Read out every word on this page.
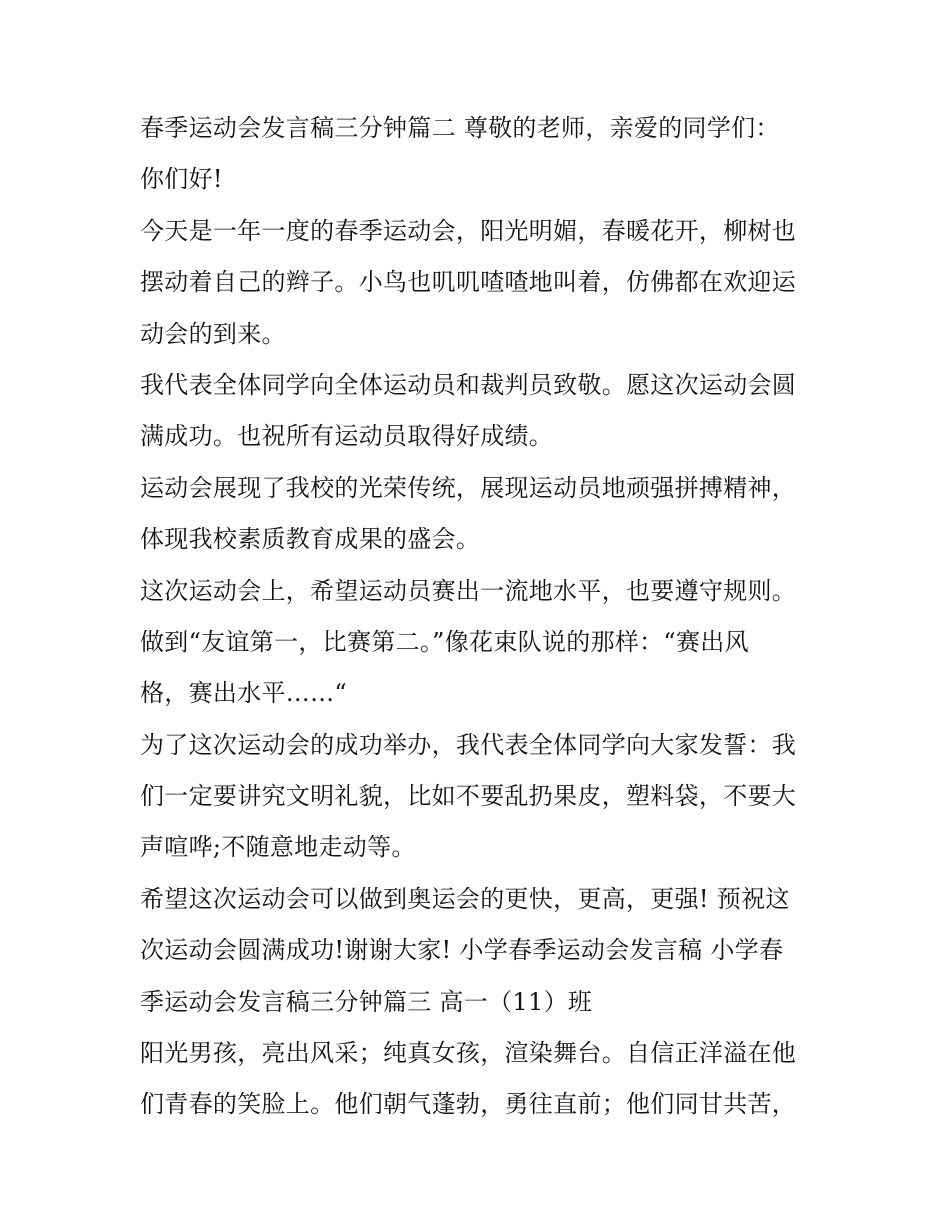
春季运动会发言稿三分钟篇二 尊敬的老师，亲爱的同学们：
你们好!
今天是一年一度的春季运动会，阳光明媚，春暖花开，柳树也
摆动着自己的辫子。小鸟也叽叽喳喳地叫着，仿佛都在欢迎运
动会的到来。
我代表全体同学向全体运动员和裁判员致敬。愿这次运动会圆
满成功。也祝所有运动员取得好成绩。
运动会展现了我校的光荣传统，展现运动员地顽强拼搏精神，
体现我校素质教育成果的盛会。
这次运动会上，希望运动员赛出一流地水平，也要遵守规则。
做到“友谊第一，比赛第二。”像花束队说的那样：“赛出风
格，赛出水平……“
为了这次运动会的成功举办，我代表全体同学向大家发誓：我
们一定要讲究文明礼貌，比如不要乱扔果皮，塑料袋，不要大
声喧哗;不随意地走动等。
希望这次运动会可以做到奥运会的更快，更高，更强! 预祝这
次运动会圆满成功!谢谢大家! 小学春季运动会发言稿 小学春
季运动会发言稿三分钟篇三 高一（11）班
阳光男孩，亮出风采；纯真女孩，渲染舞台。自信正洋溢在他
们青春的笑脸上。他们朝气蓬勃，勇往直前；他们同甘共苦，
